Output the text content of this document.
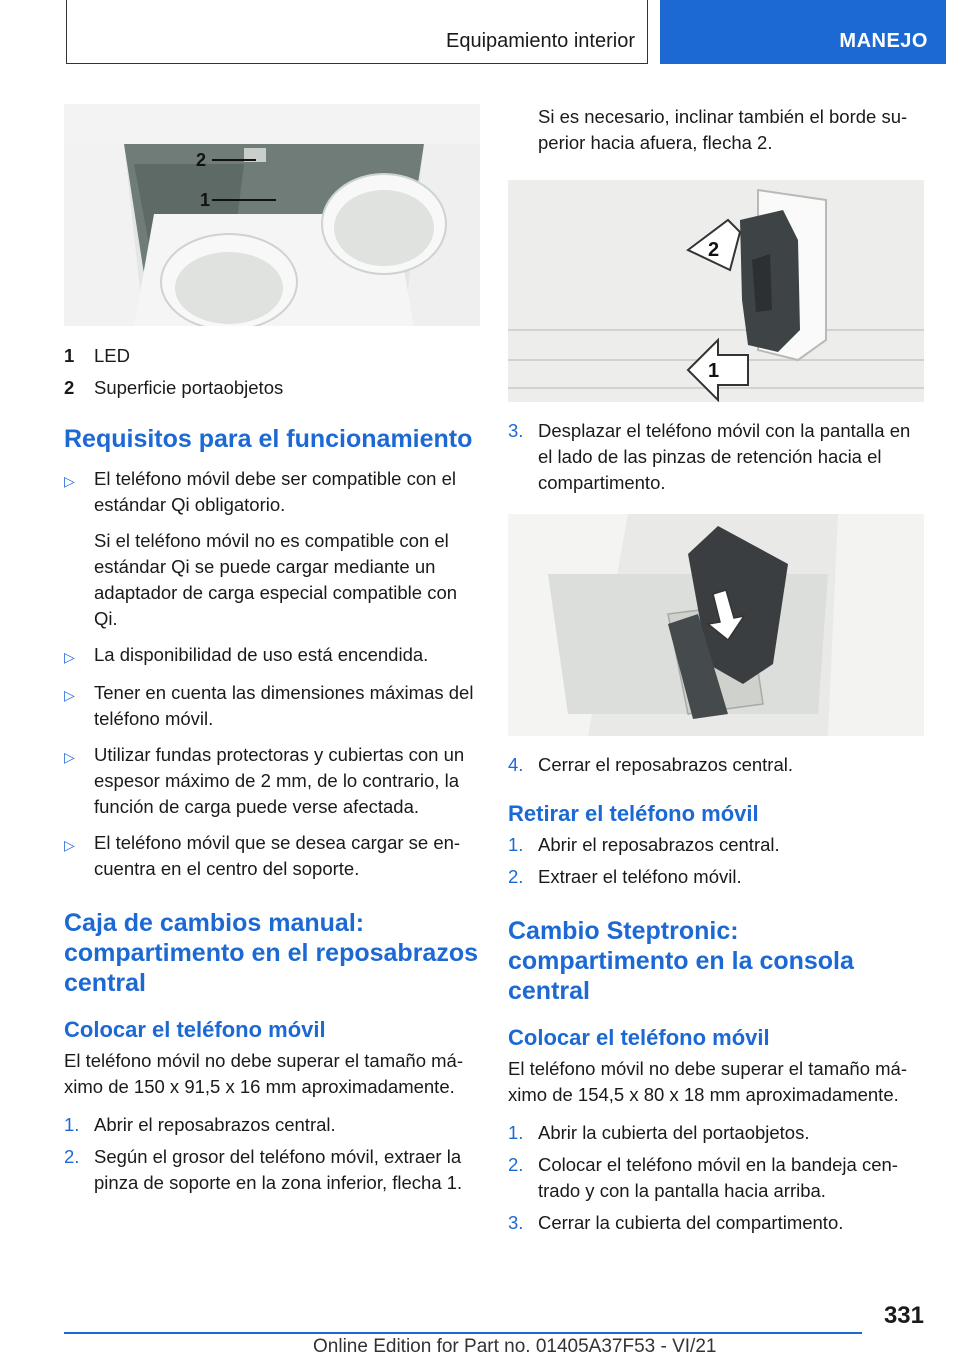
Equipamiento interior	MANEJO
2
1
1	LED
2	Superficie portaobjetos
Requisitos para el funcionamiento
▷	El teléfono móvil debe ser compatible con el estándar Qi obligatorio.
Si el teléfono móvil no es compatible con el estándar Qi se puede cargar mediante un adaptador de carga especial compatible con Qi.
▷	La disponibilidad de uso está encendida.
▷	Tener en cuenta las dimensiones máximas del teléfono móvil.
▷	Utilizar fundas protectoras y cubiertas con un espesor máximo de 2 mm, de lo contrario, la función de carga puede verse afectada.
▷	El teléfono móvil que se desea cargar se en‐cuentra en el centro del soporte.
Caja de cambios manual: compartimento en el reposabrazos central
Colocar el teléfono móvil

El teléfono móvil no debe superar el tamaño má‐ximo de 150 x 91,5 x 16 mm aproximadamente.

1. Abrir el reposabrazos central.
2. Según el grosor del teléfono móvil, extraer la pinza de soporte en la zona inferior, flecha 1.
Si es necesario, inclinar también el borde su‐perior hacia afuera, flecha 2.
2
1
3. Desplazar el teléfono móvil con la pantalla en el lado de las pinzas de retención hacia el compartimento.
4. Cerrar el reposabrazos central.
Retirar el teléfono móvil
1. Abrir el reposabrazos central.
2. Extraer el teléfono móvil.
Cambio Steptronic: compartimento en la consola central
Colocar el teléfono móvil

El teléfono móvil no debe superar el tamaño má‐ximo de 154,5 x 80 x 18 mm aproximadamente.

1. Abrir la cubierta del portaobjetos.
2. Colocar el teléfono móvil en la bandeja cen‐trado y con la pantalla hacia arriba.
3. Cerrar la cubierta del compartimento.
331
Online Edition for Part no. 01405A37F53 - VI/21
